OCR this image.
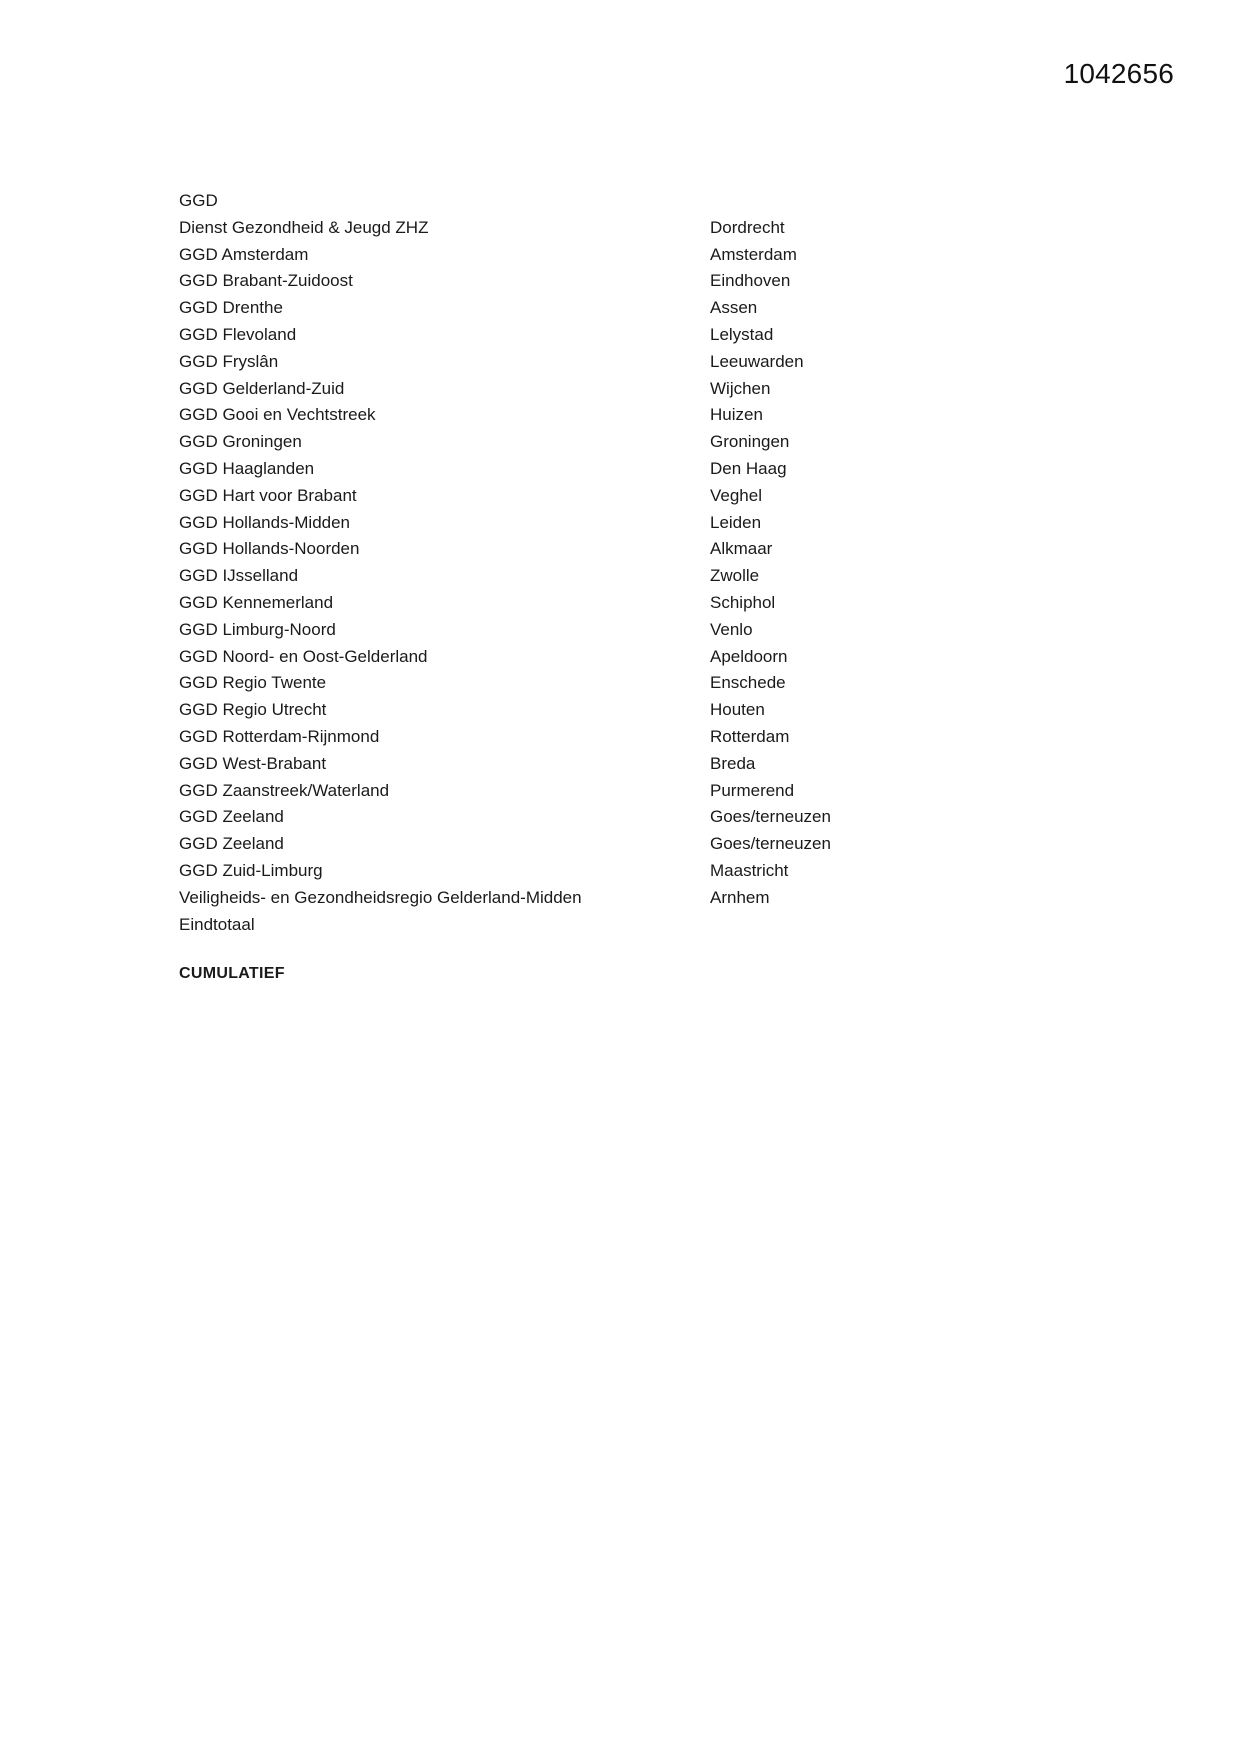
1042656
GGD
Dienst Gezondheid & Jeugd ZHZ	Dordrecht
GGD Amsterdam	Amsterdam
GGD Brabant-Zuidoost	Eindhoven
GGD Drenthe	Assen
GGD Flevoland	Lelystad
GGD Fryslân	Leeuwarden
GGD Gelderland-Zuid	Wijchen
GGD Gooi en Vechtstreek	Huizen
GGD Groningen	Groningen
GGD Haaglanden	Den Haag
GGD Hart voor Brabant	Veghel
GGD Hollands-Midden	Leiden
GGD Hollands-Noorden	Alkmaar
GGD IJsselland	Zwolle
GGD Kennemerland	Schiphol
GGD Limburg-Noord	Venlo
GGD Noord- en Oost-Gelderland	Apeldoorn
GGD Regio Twente	Enschede
GGD Regio Utrecht	Houten
GGD Rotterdam-Rijnmond	Rotterdam
GGD West-Brabant	Breda
GGD Zaanstreek/Waterland	Purmerend
GGD Zeeland	Goes/terneuzen
GGD Zeeland	Goes/terneuzen
GGD Zuid-Limburg	Maastricht
Veiligheids- en Gezondheidsregio Gelderland-Midden	Arnhem
Eindtotaal
CUMULATIEF
